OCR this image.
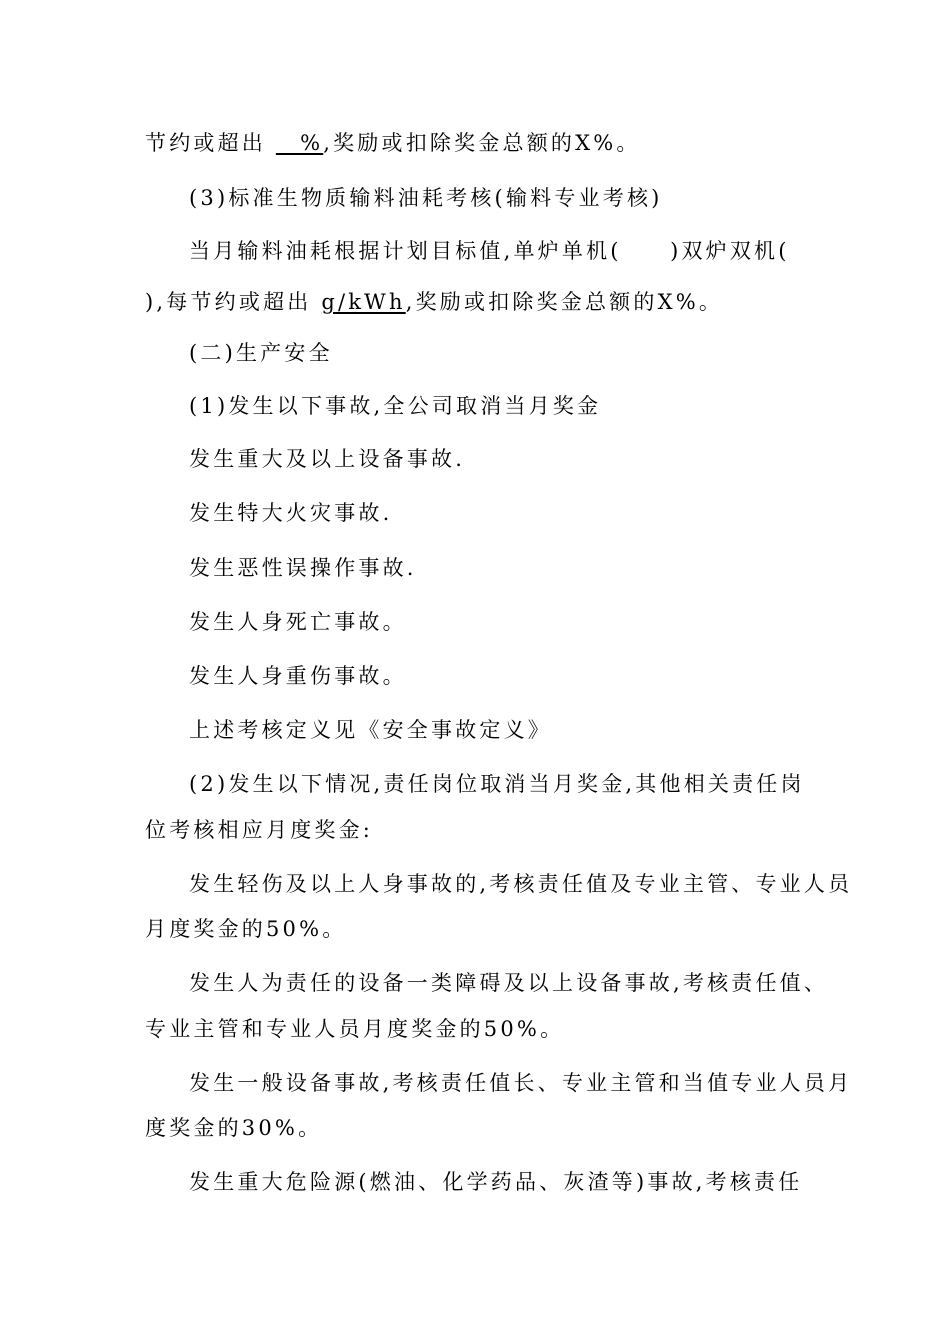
节约或超出 　%,奖励或扣除奖金总额的X%。
(3)标准生物质输料油耗考核(输料专业考核)
当月输料油耗根据计划目标值,单炉单机(　　)双炉双机(
),每节约或超出 g/kWh,奖励或扣除奖金总额的X%。
(二)生产安全
(1)发生以下事故,全公司取消当月奖金
发生重大及以上设备事故.
发生特大火灾事故.
发生恶性误操作事故.
发生人身死亡事故。
发生人身重伤事故。
上述考核定义见《安全事故定义》
(2)发生以下情况,责任岗位取消当月奖金,其他相关责任岗
位考核相应月度奖金:
发生轻伤及以上人身事故的,考核责任值及专业主管、专业人员
月度奖金的50%。
发生人为责任的设备一类障碍及以上设备事故,考核责任值、
专业主管和专业人员月度奖金的50%。
发生一般设备事故,考核责任值长、专业主管和当值专业人员月
度奖金的30%。
发生重大危险源(燃油、化学药品、灰渣等)事故,考核责任
